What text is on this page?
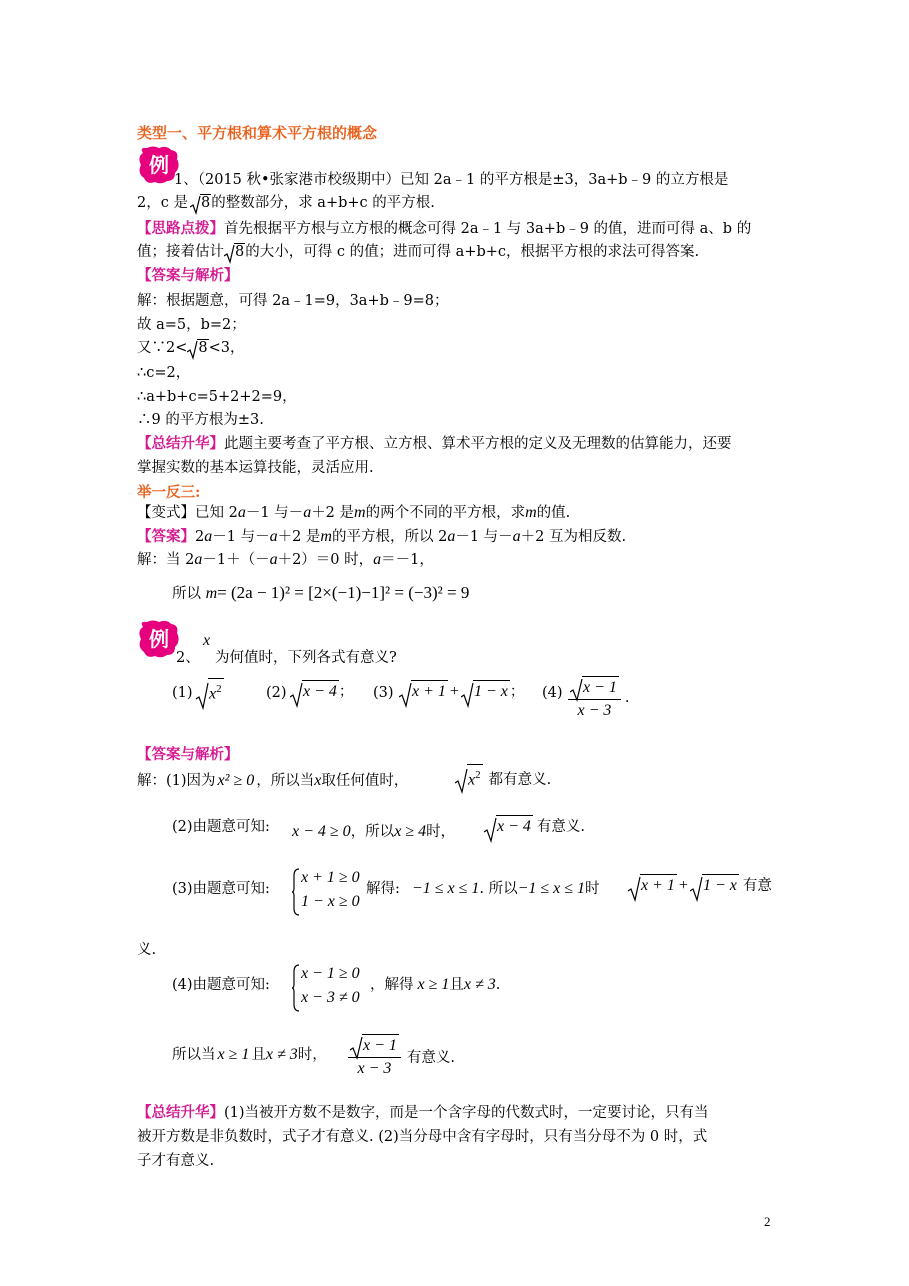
类型一、平方根和算术平方根的概念
例
1、（2015 秋•张家港市校级期中）已知 2a﹣1 的平方根是±3，3a+b﹣9 的立方根是
2，c 是 8的整数部分，求 a+b+c 的平方根.
【思路点拨】首先根据平方根与立方根的概念可得 2a﹣1 与 3a+b﹣9 的值，进而可得 a、b 的
值；接着估计 8的大小，可得 c 的值；进而可得 a+b+c，根据平方根的求法可得答案.
【答案与解析】
解：根据题意，可得 2a﹣1=9，3a+b﹣9=8；
故 a=5，b=2；
又∵2< 8<3，
∴c=2，
∴a+b+c=5+2+2=9，
∴9 的平方根为±3.
【总结升华】此题主要考查了平方根、立方根、算术平方根的定义及无理数的估算能力，还要
掌握实数的基本运算技能，灵活应用.
举一反三:
【变式】已知 2a－1 与－a＋2 是m的两个不同的平方根，求m的值.
【答案】2a－1 与－a＋2 是m的平方根，所以 2a－1 与－a＋2 互为相反数.
解：当 2a－1＋（－a＋2）＝0 时，a＝－1，
所以 m= (2a − 1)² = [2×(−1)−1]² = (−3)² = 9
例
2、
x
为何值时，下列各式有意义?
(1)	$x^2$	(2)	x − 4 ； (3)	x + 1 + 1 − x ； $(4) \frac{x - 1}{x - 3}$ .
【答案与解析】
解：(1)因为 x² ≥ 0 ，所以当x取任何值时，	$x^2$ 都有意义.
(2)由题意可知: x − 4 ≥ 0，所以x ≥ 4时，	x − 4 有意义.
(3)由题意可知:
x + 1 ≥ 0
1 − x ≥ 0
解得: −1 ≤ x ≤ 1. 所以−1 ≤ x ≤ 1时	x + 1 + 1 − x 有意
义.
(4)由题意可知:
x − 1 ≥ 0
x − 3 ≠ 0
，解得 x ≥ 1且x ≠ 3.
所以当 x ≥ 1 且x ≠ 3时， $\frac{x - 1}{x - 3}$ 有意义.
【总结升华】(1)当被开方数不是数字，而是一个含字母的代数式时，一定要讨论，只有当
被开方数是非负数时，式子才有意义. (2)当分母中含有字母时，只有当分母不为 0 时，式
子才有意义.
2
